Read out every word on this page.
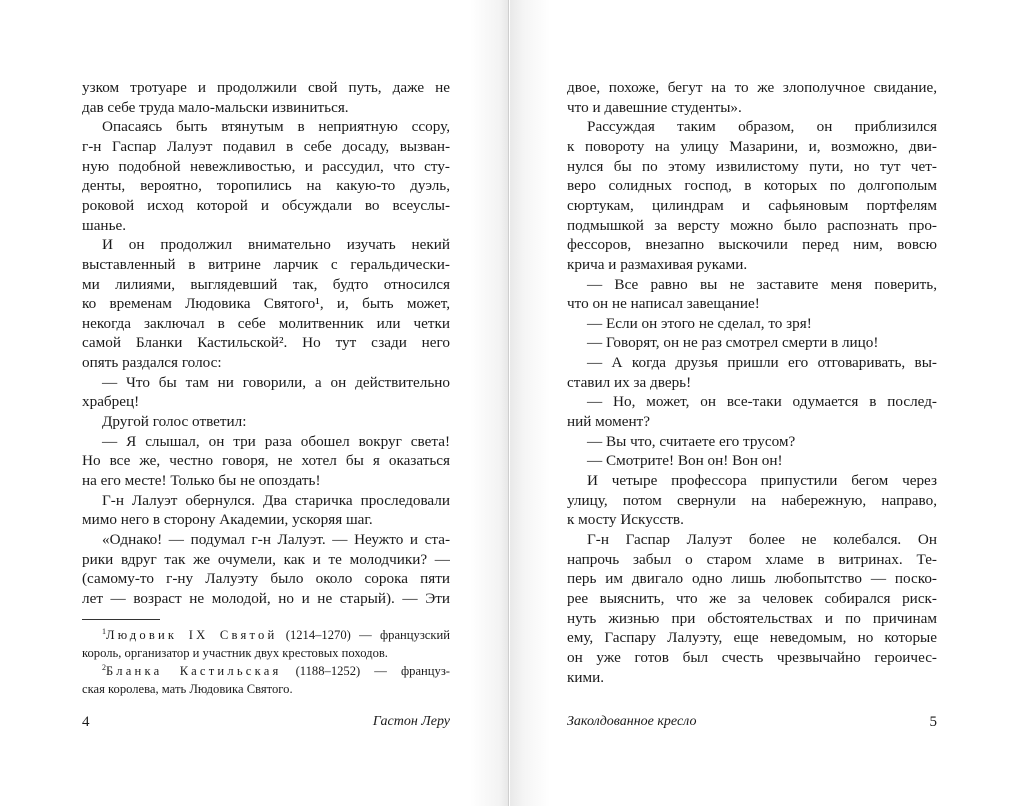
$^1$Людовик IX Святой (1214–1270) — французский
король, организатор и участник двух крестовых походов.
$^2$Бланка Кастильская (1188–1252) — француз-
ская королева, мать Людовика Святого.
4	Гастон Леру	Заколдованное кресло	5
узком тротуаре и продолжили свой путь, даже не
дав себе труда мало-мальски извиниться.
Опасаясь быть втянутым в неприятную ссору,
г-н Гаспар Лалуэт подавил в себе досаду, вызван-
ную подобной невежливостью, и рассудил, что сту-
денты, вероятно, торопились на какую-то дуэль,
роковой исход которой и обсуждали во всеуслы-
шанье.
И он продолжил внимательно изучать некий
выставленный в витрине ларчик с геральдически-
ми лилиями, выглядевший так, будто относился
ко временам Людовика Святого¹, и, быть может,
некогда заключал в себе молитвенник или четки
самой Бланки Кастильской². Но тут сзади него
опять раздался голос:
— Что бы там ни говорили, а он действительно
храбрец!
Другой голос ответил:
— Я слышал, он три раза обошел вокруг света!
Но все же, честно говоря, не хотел бы я оказаться
на его месте! Только бы не опоздать!
Г-н Лалуэт обернулся. Два старичка проследовали
мимо него в сторону Академии, ускоряя шаг.
«Однако! — подумал г-н Лалуэт. — Неужто и ста-
рики вдруг так же очумели, как и те молодчики? —
(самому-то г-ну Лалуэту было около сорока пяти
лет — возраст не молодой, но и не старый). — Эти
двое, похоже, бегут на то же злополучное свидание,
что и давешние студенты».
Рассуждая таким образом, он приблизился
к повороту на улицу Мазарини, и, возможно, дви-
нулся бы по этому извилистому пути, но тут чет-
веро солидных господ, в которых по долгополым
сюртукам, цилиндрам и сафьяновым портфелям
подмышкой за версту можно было распознать про-
фессоров, внезапно выскочили перед ним, вовсю
крича и размахивая руками.
— Все равно вы не заставите меня поверить,
что он не написал завещание!
— Если он этого не сделал, то зря!
— Говорят, он не раз смотрел смерти в лицо!
— А когда друзья пришли его отговаривать, вы-
ставил их за дверь!
— Но, может, он все-таки одумается в послед-
ний момент?
— Вы что, считаете его трусом?
— Смотрите! Вон он! Вон он!
И четыре профессора припустили бегом через
улицу, потом свернули на набережную, направо,
к мосту Искусств.
Г-н Гаспар Лалуэт более не колебался. Он
напрочь забыл о старом хламе в витринах. Те-
перь им двигало одно лишь любопытство — поско-
рее выяснить, что же за человек собирался риск-
нуть жизнью при обстоятельствах и по причинам
ему, Гаспару Лалуэту, еще неведомым, но которые
он уже готов был счесть чрезвычайно героичес-
кими.
